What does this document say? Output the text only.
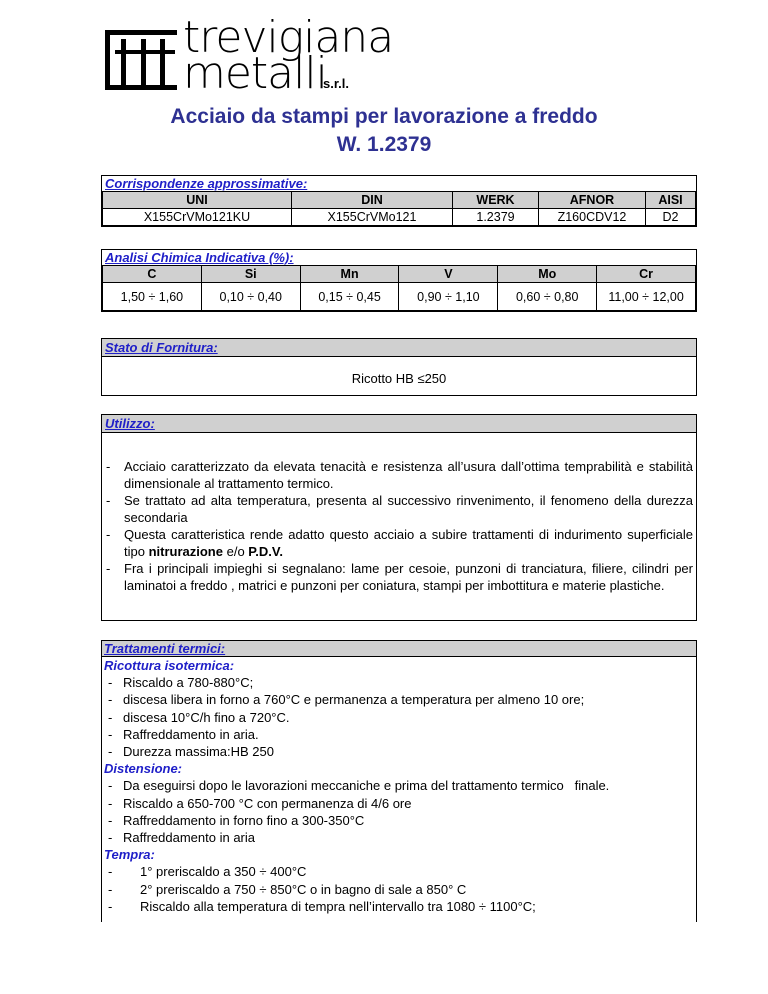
trevigiana
metalli
s.r.l.
Acciaio da stampi per lavorazione a freddo
W. 1.2379
Corrispondenze approssimative:
UNI	DIN	WERK	AFNOR	AISI
X155CrVMo121KU	X155CrVMo121	1.2379	Z160CDV12	D2
Analisi Chimica Indicativa (%):
C	Si	Mn	V	Mo	Cr
1,50 ÷ 1,60	0,10 ÷ 0,40	0,15 ÷ 0,45	0,90 ÷ 1,10	0,60 ÷ 0,80	11,00 ÷ 12,00
Stato di Fornitura:
Ricotto HB ≤250
Utilizzo:
- Acciaio caratterizzato da elevata tenacità e resistenza all’usura dall’ottima temprabilità e stabilità dimensionale al trattamento termico.
- Se trattato ad alta temperatura, presenta al successivo rinvenimento, il fenomeno della durezza secondaria
- Questa caratteristica rende adatto questo acciaio a subire trattamenti di indurimento superficiale tipo nitrurazione e/o P.D.V.
- Fra i principali impieghi si segnalano: lame per cesoie, punzoni di tranciatura, filiere, cilindri per laminatoi a freddo , matrici e punzoni per coniatura, stampi per imbottitura e materie plastiche.
Trattamenti termici:
Ricottura isotermica:
- Riscaldo a 780-880°C;
- discesa libera in forno a 760°C e permanenza a temperatura per almeno 10 ore;
- discesa 10°C/h fino a 720°C.
- Raffreddamento in aria.
- Durezza massima:HB 250
Distensione:
- Da eseguirsi dopo le lavorazioni meccaniche e prima del trattamento termico   finale.
- Riscaldo a 650-700 °C con permanenza di 4/6 ore
- Raffreddamento in forno fino a 300-350°C
- Raffreddamento in aria
Tempra:
- 1° preriscaldo a 350 ÷ 400°C
- 2° preriscaldo a 750 ÷ 850°C o in bagno di sale a 850° C
- Riscaldo alla temperatura di tempra nell’intervallo tra 1080 ÷ 1100°C;
